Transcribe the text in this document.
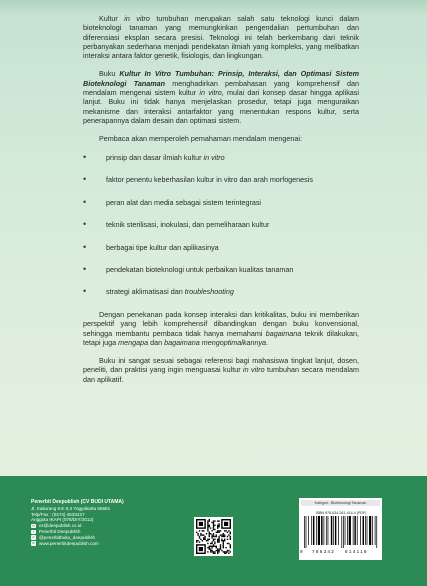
Kultur in vitro tumbuhan merupakan salah satu teknologi kunci dalam bioteknologi tanaman yang memungkinkan pengendalian pertumbuhan dan diferensiasi eksplan secara presisi. Teknologi ini telah berkembang dari teknik perbanyakan sederhana menjadi pendekatan ilmiah yang kompleks, yang melibatkan interaksi antara faktor genetik, fisiologis, dan lingkungan.

Buku Kultur In Vitro Tumbuhan: Prinsip, Interaksi, dan Optimasi Sistem Bioteknologi Tanaman menghadirkan pembahasan yang komprehensif dan mendalam mengenai sistem kultur in vitro, mulai dari konsep dasar hingga aplikasi lanjut. Buku ini tidak hanya menjelaskan prosedur, tetapi juga menguraikan mekanisme dan interaksi antarfaktor yang menentukan respons kultur, serta penerapannya dalam desain dan optimasi sistem.

Pembaca akan memperoleh pemahaman mendalam mengenai:

•	prinsip dan dasar ilmiah kultur in vitro
•	faktor penentu keberhasilan kultur in vitro dan arah morfogenesis
•	peran alat dan media sebagai sistem terintegrasi
•	teknik sterilisasi, inokulasi, dan pemeliharaan kultur
•	berbagai tipe kultur dan aplikasinya
•	pendekatan bioteknologi untuk perbaikan kualitas tanaman
•	strategi aklimatisasi dan troubleshooting

Dengan penekanan pada konsep interaksi dan kritikalitas, buku ini memberikan perspektif yang lebih komprehensif dibandingkan dengan buku konvensional, sehingga membantu pembaca tidak hanya memahami bagaimana teknik dilakukan, tetapi juga mengapa dan bagaimana mengoptimalkannya.

Buku ini sangat sesuai sebagai referensi bagi mahasiswa tingkat lanjut, dosen, peneliti, dan praktisi yang ingin menguasai kultur in vitro tumbuhan secara mendalam dan aplikatif.

Penerbit Deepublish (CV BUDI UTAMA)
Jl. Kaliurang Km 9,3 Yogyakarta 55581
Telp/Fax : (0274) 4533427
Anggota IKAPI (076/DIY/2012)
✉ cs@deepublish.co.id
f	Penerbit Deepublish
◎ @penerbitbuku_deepublish
⊕ www.penerbitdeepublish.com
Kategori : Bioteknologi Tanaman
ISBN 978-634-261-414-4 (PDF)
9 786342 814116
